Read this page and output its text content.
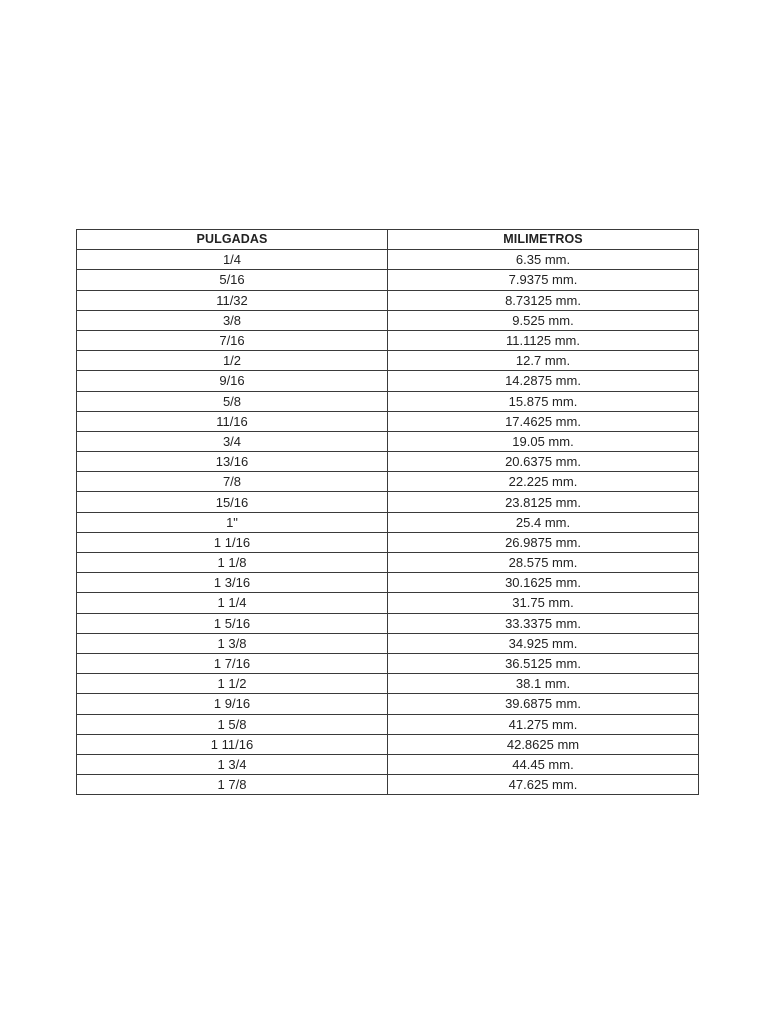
PULGADAS	MILIMETROS
1/4	6.35 mm.
5/16	7.9375 mm.
11/32	8.73125 mm.
3/8	9.525 mm.
7/16	11.1125 mm.
1/2	12.7 mm.
9/16	14.2875 mm.
5/8	15.875 mm.
11/16	17.4625 mm.
3/4	19.05 mm.
13/16	20.6375 mm.
7/8	22.225 mm.
15/16	23.8125 mm.
1"	25.4 mm.
1 1/16	26.9875 mm.
1 1/8	28.575 mm.
1 3/16	30.1625 mm.
1 1/4	31.75 mm.
1 5/16	33.3375 mm.
1 3/8	34.925 mm.
1 7/16	36.5125 mm.
1 1/2	38.1 mm.
1 9/16	39.6875 mm.
1 5/8	41.275 mm.
1 11/16	42.8625 mm
1 3/4	44.45 mm.
1 7/8	47.625 mm.
